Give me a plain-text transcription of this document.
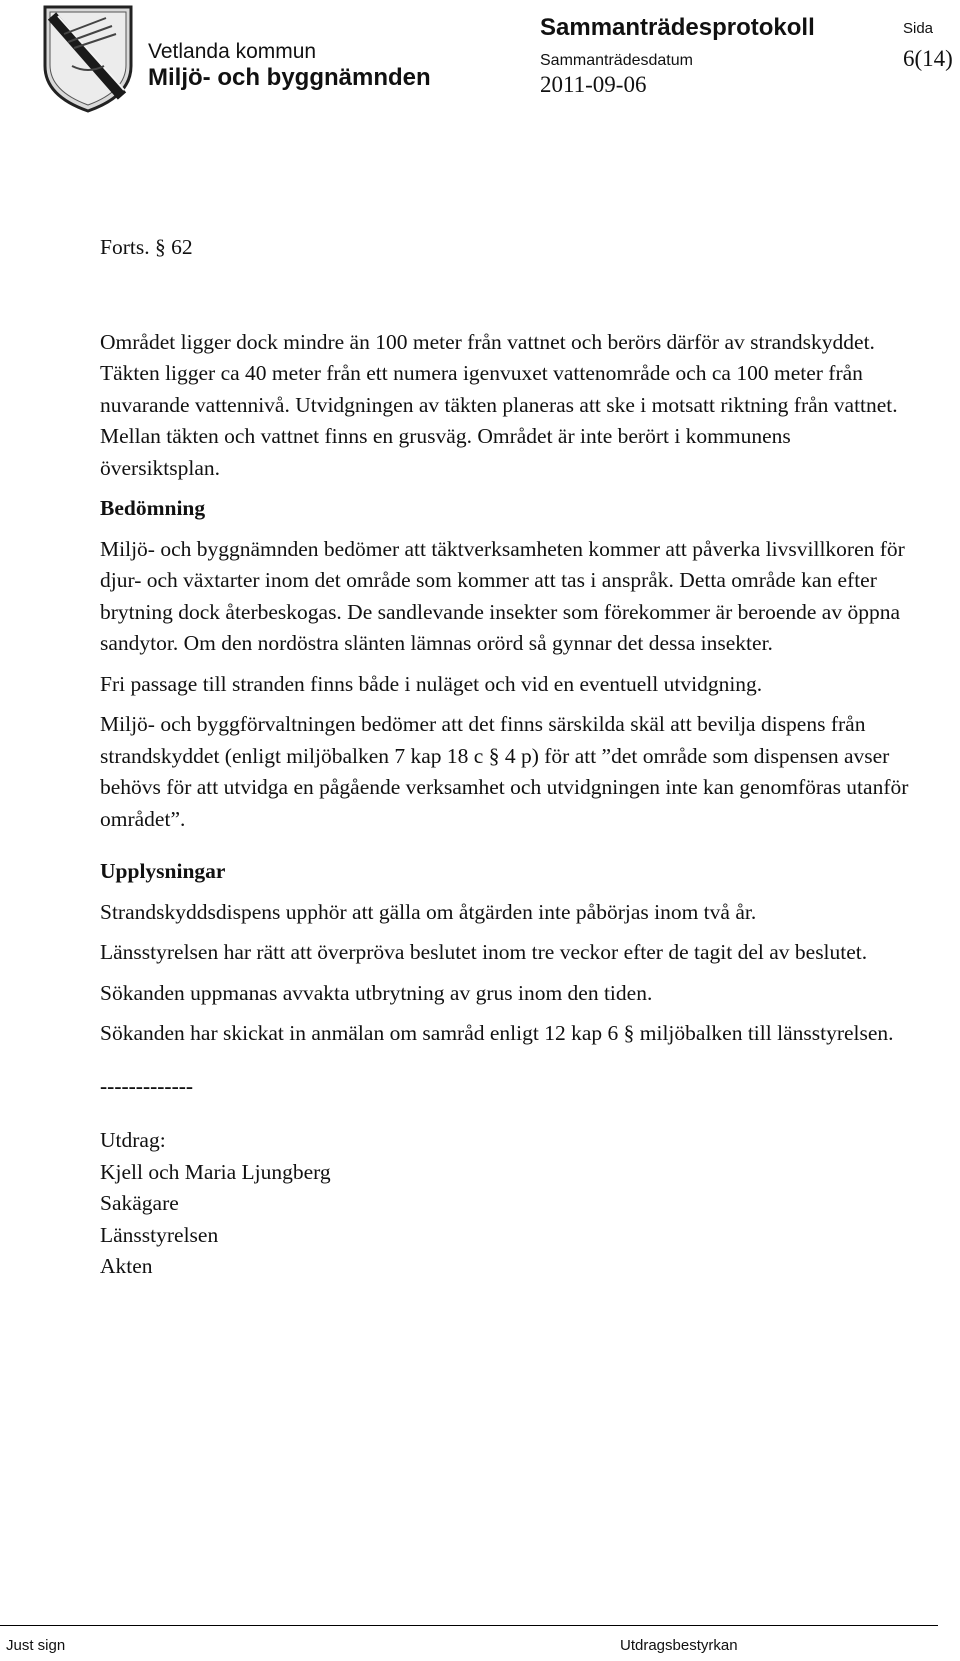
Vetlanda kommun
Miljö- och byggnämnden
Sammanträdesprotokoll
Sammanträdesdatum
2011-09-06
Sida
6(14)

Forts. § 62

Området ligger dock mindre än 100 meter från vattnet och berörs därför av strandskyddet. Täkten ligger ca 40 meter från ett numera igenvuxet vattenområde och ca 100 meter från nuvarande vattennivå. Utvidgningen av täkten planeras att ske i motsatt riktning från vattnet. Mellan täkten och vattnet finns en grusväg. Området är inte berört i kommunens översiktsplan.

Bedömning

Miljö- och byggnämnden bedömer att täktverksamheten kommer att påverka livsvillkoren för djur- och växtarter inom det område som kommer att tas i anspråk. Detta område kan efter brytning dock återbeskogas. De sandlevande insekter som förekommer är beroende av öppna sandytor. Om den nordöstra slänten lämnas orörd så gynnar det dessa insekter.

Fri passage till stranden finns både i nuläget och vid en eventuell utvidgning.

Miljö- och byggförvaltningen bedömer att det finns särskilda skäl att bevilja dispens från strandskyddet (enligt miljöbalken 7 kap 18 c § 4 p) för att ”det område som dispensen avser behövs för att utvidga en pågående verksamhet och utvidgningen inte kan genomföras utanför området”.

Upplysningar

Strandskyddsdispens upphör att gälla om åtgärden inte påbörjas inom två år.

Länsstyrelsen har rätt att överpröva beslutet inom tre veckor efter de tagit del av beslutet.

Sökanden uppmanas avvakta utbrytning av grus inom den tiden.

Sökanden har skickat in anmälan om samråd enligt 12 kap 6 § miljöbalken till länsstyrelsen.

-------------

Utdrag:

Kjell och Maria Ljungberg

Sakägare

Länsstyrelsen

Akten

Just sign	Utdragsbestyrkan
